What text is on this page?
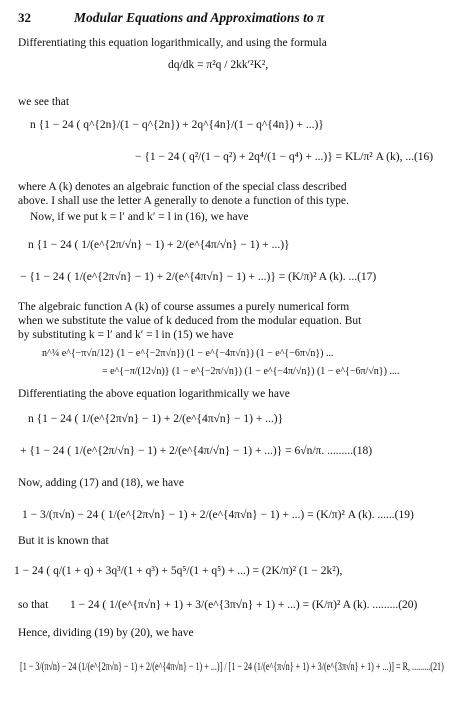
32	Modular Equations and Approximations to π
Differentiating this equation logarithmically, and using the formula
dq/dk = π²q / 2kk′²K²,
we see that
n {1 − 24 ( q^{2n}/(1 − q^{2n}) + 2q^{4n}/(1 − q^{4n}) + ...)}
− {1 − 24 ( q²/(1 − q²) + 2q⁴/(1 − q⁴) + ...)} = KL/π² A (k), ...(16)
where A (k) denotes an algebraic function of the special class described
above. I shall use the letter A generally to denote a function of this type.
Now, if we put k = l′ and k′ = l in (16), we have
n {1 − 24 ( 1/(e^{2π/√n} − 1) + 2/(e^{4π/√n} − 1) + ...)}
− {1 − 24 ( 1/(e^{2π√n} − 1) + 2/(e^{4π√n} − 1) + ...)} = (K/π)² A (k). ...(17)
The algebraic function A (k) of course assumes a purely numerical form
when we substitute the value of k deduced from the modular equation. But
by substituting k = l′ and k′ = l in (15) we have
n^¼ e^{−π√n/12} (1 − e^{−2π√n}) (1 − e^{−4π√n}) (1 − e^{−6π√n}) ...
= e^{−π/(12√n)} (1 − e^{−2π/√n}) (1 − e^{−4π/√n}) (1 − e^{−6π/√n}) ....
Differentiating the above equation logarithmically we have
n {1 − 24 ( 1/(e^{2π√n} − 1) + 2/(e^{4π√n} − 1) + ...)}
+ {1 − 24 ( 1/(e^{2π/√n} − 1) + 2/(e^{4π/√n} − 1) + ...)} = 6√n/π. .........(18)
Now, adding (17) and (18), we have
1 − 3/(π√n) − 24 ( 1/(e^{2π√n} − 1) + 2/(e^{4π√n} − 1) + ...) = (K/π)² A (k). ......(19)
But it is known that
1 − 24 ( q/(1 + q) + 3q³/(1 + q³) + 5q⁵/(1 + q⁵) + ...) = (2K/π)² (1 − 2k²),
so that 1 − 24 ( 1/(e^{π√n} + 1) + 3/(e^{3π√n} + 1) + ...) = (K/π)² A (k). .........(20)
Hence, dividing (19) by (20), we have
[1 − 3/(π√n) − 24 (1/(e^{2π√n} − 1) + 2/(e^{4π√n} − 1) + ...)] / [1 − 24 (1/(e^{π√n} + 1) + 3/(e^{3π√n} + 1) + ...)] = R, .........(21)
